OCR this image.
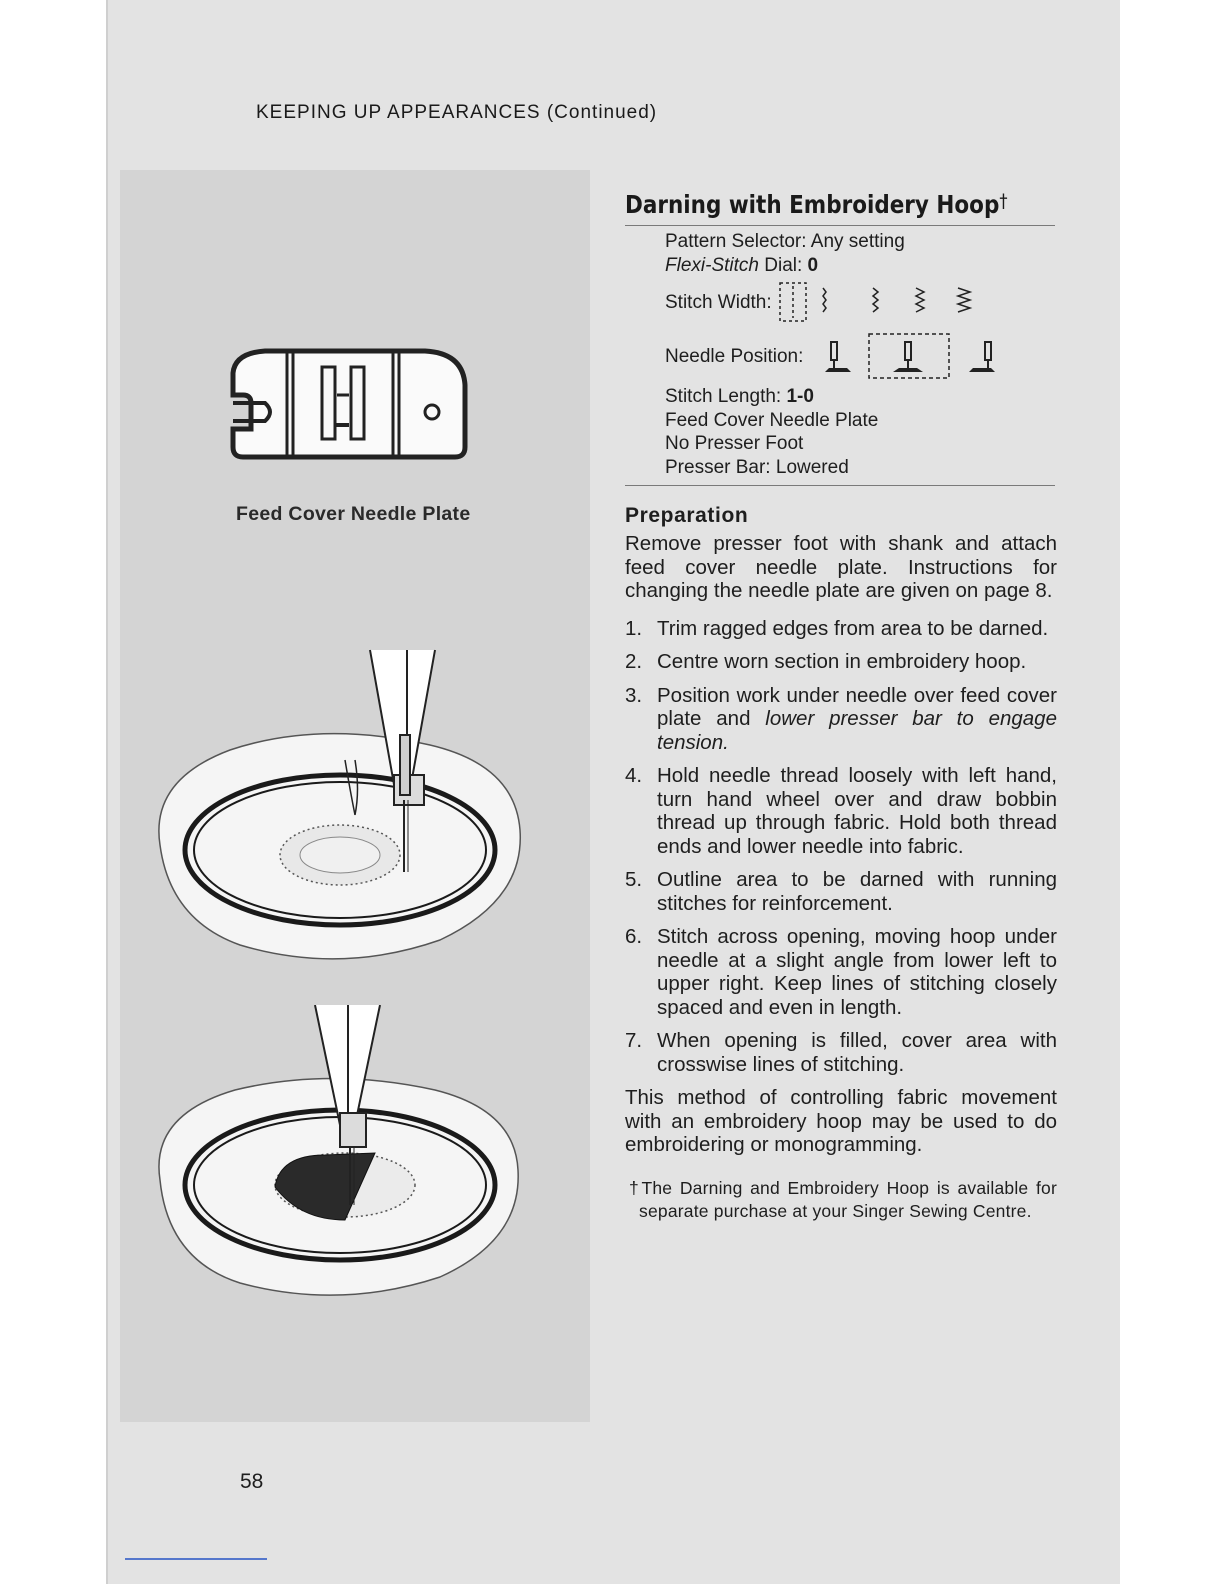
KEEPING UP APPEARANCES (Continued)
Feed Cover Needle Plate
Darning with Embroidery Hoop†
Pattern Selector: Any setting
Flexi-Stitch Dial: 0
Stitch Width:
Needle Position:
Stitch Length: 1-0
Feed Cover Needle Plate
No Presser Foot
Presser Bar: Lowered
Preparation

Remove presser foot with shank and attach feed cover needle plate. Instructions for changing the needle plate are given on page 8.

1. Trim ragged edges from area to be darned.
2. Centre worn section in embroidery hoop.
3. Position work under needle over feed cover plate and lower presser bar to engage tension.
4. Hold needle thread loosely with left hand, turn hand wheel over and draw bobbin thread up through fabric. Hold both thread ends and lower needle into fabric.
5. Outline area to be darned with running stitches for reinforcement.
6. Stitch across opening, moving hoop under needle at a slight angle from lower left to upper right. Keep lines of stitching closely spaced and even in length.
7. When opening is filled, cover area with crosswise lines of stitching.

This method of controlling fabric movement with an embroidery hoop may be used to do embroidering or monogramming.

†The Darning and Embroidery Hoop is available for separate purchase at your Singer Sewing Centre.

58
